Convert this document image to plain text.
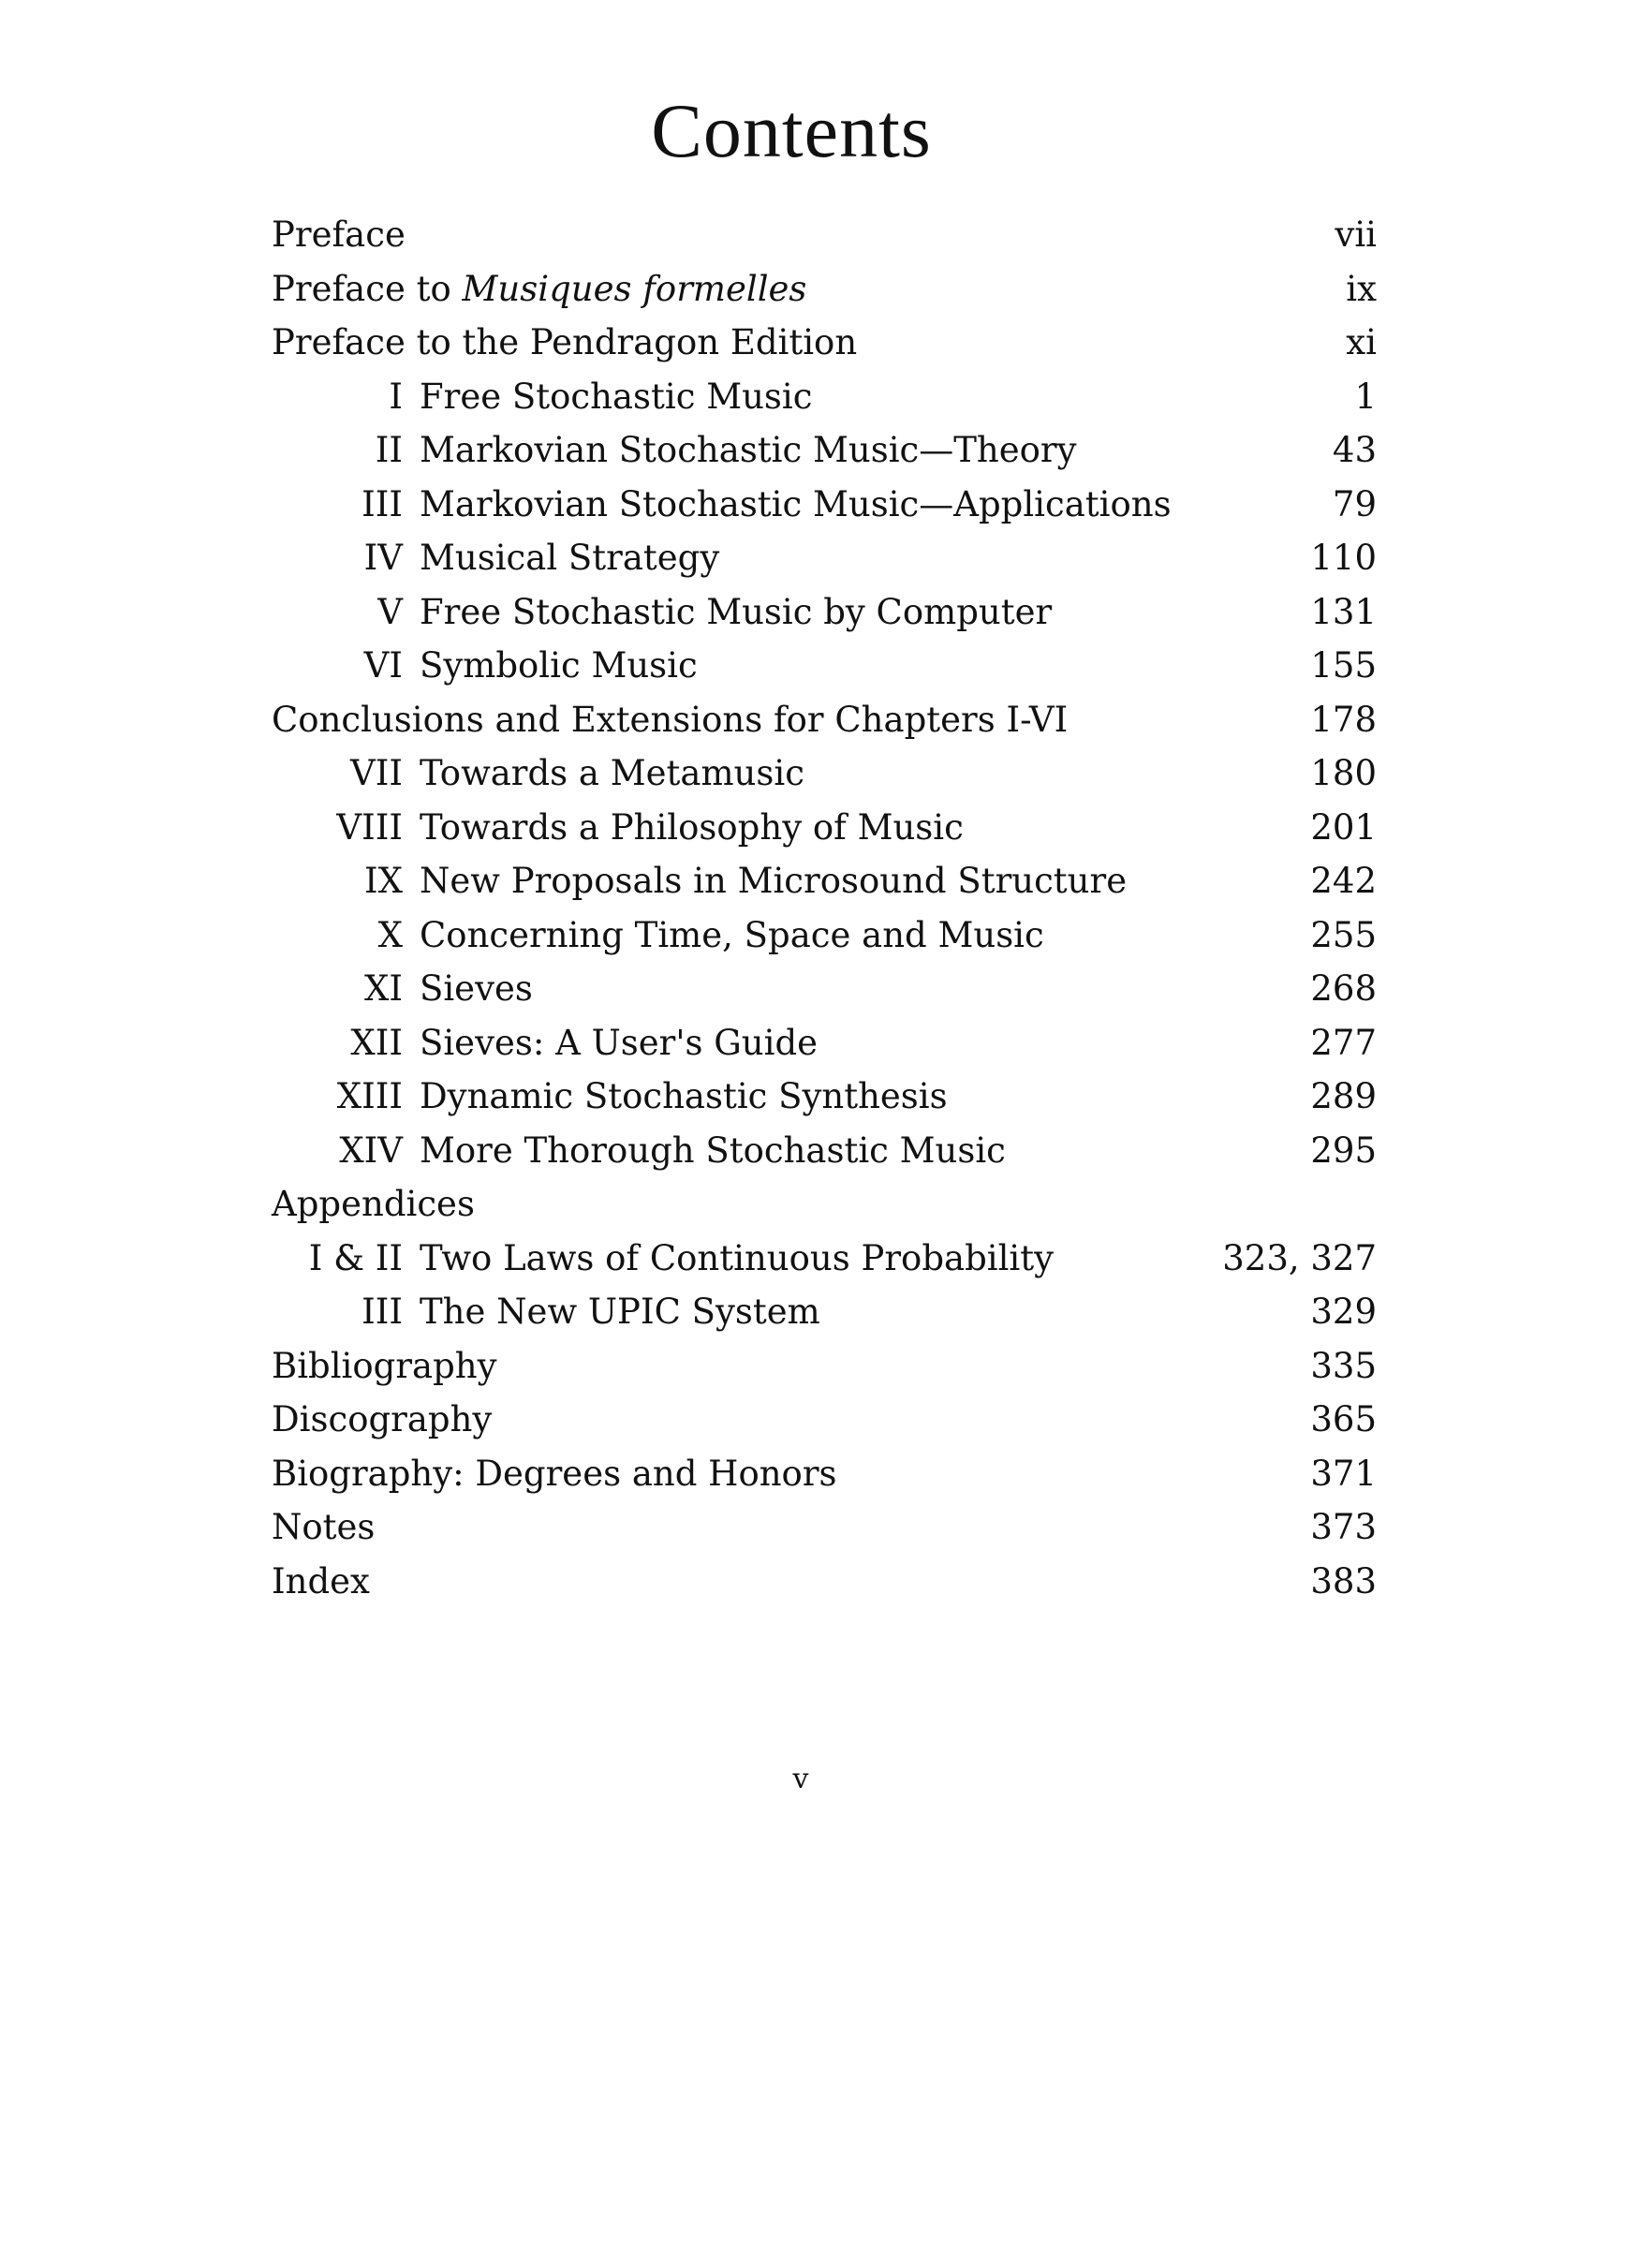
Contents
Preface	vii
Preface to Musiques formelles	ix
Preface to the Pendragon Edition	xi
I Free Stochastic Music	1
II Markovian Stochastic Music—Theory	43
III Markovian Stochastic Music—Applications	79
IV Musical Strategy	110
V Free Stochastic Music by Computer	131
VI Symbolic Music	155
Conclusions and Extensions for Chapters I-VI	178
VII Towards a Metamusic	180
VIII Towards a Philosophy of Music	201
IX New Proposals in Microsound Structure	242
X Concerning Time, Space and Music	255
XI Sieves	268
XII Sieves: A User's Guide	277
XIII Dynamic Stochastic Synthesis	289
XIV More Thorough Stochastic Music	295
Appendices
I & II Two Laws of Continuous Probability	323, 327
III The New UPIC System	329
Bibliography	335
Discography	365
Biography: Degrees and Honors	371
Notes	373
Index	383
v
